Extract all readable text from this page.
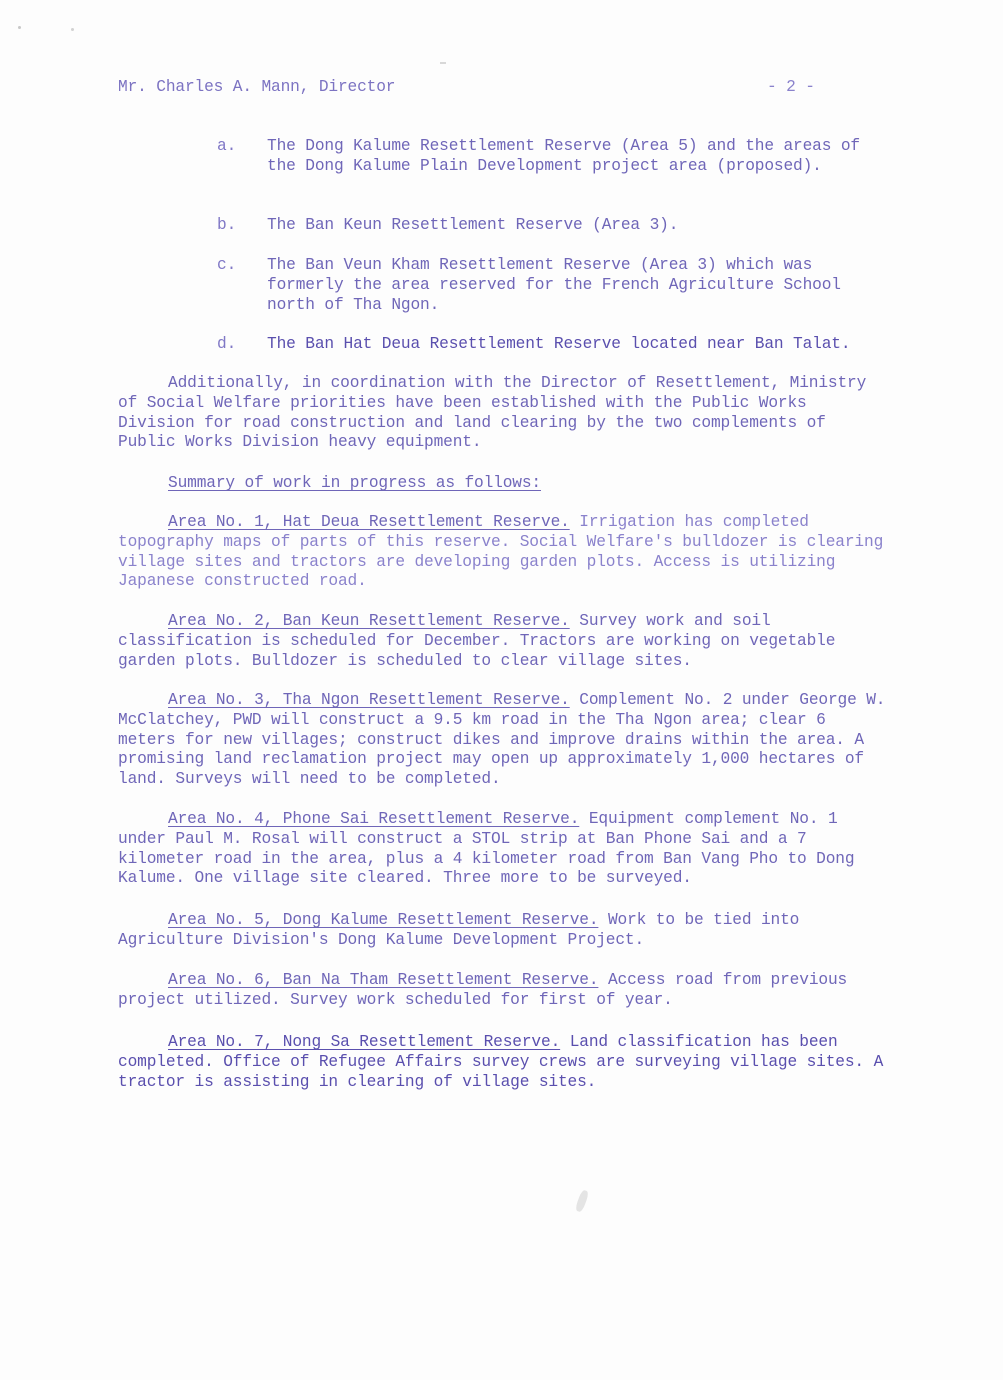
Mr. Charles A. Mann, Director	- 2 -
a.	The Dong Kalume Resettlement Reserve (Area 5) and the areas of the Dong Kalume Plain Development project area (proposed).
b.	The Ban Keun Resettlement Reserve (Area 3).
c.	The Ban Veun Kham Resettlement Reserve (Area 3) which was formerly the area reserved for the French Agriculture School north of Tha Ngon.
d.	The Ban Hat Deua Resettlement Reserve located near Ban Talat.
Additionally, in coordination with the Director of Resettlement, Ministry of Social Welfare priorities have been established with the Public Works Division for road construction and land clearing by the two complements of Public Works Division heavy equipment.
Summary of work in progress as follows:
Area No. 1, Hat Deua Resettlement Reserve. Irrigation has completed topography maps of parts of this reserve. Social Welfare's bulldozer is clearing village sites and tractors are developing garden plots. Access is utilizing Japanese constructed road.
Area No. 2, Ban Keun Resettlement Reserve. Survey work and soil classification is scheduled for December. Tractors are working on vegetable garden plots. Bulldozer is scheduled to clear village sites.
Area No. 3, Tha Ngon Resettlement Reserve. Complement No. 2 under George W. McClatchey, PWD will construct a 9.5 km road in the Tha Ngon area; clear 6 meters for new villages; construct dikes and improve drains within the area. A promising land reclamation project may open up approximately 1,000 hectares of land. Surveys will need to be completed.
Area No. 4, Phone Sai Resettlement Reserve. Equipment complement No. 1 under Paul M. Rosal will construct a STOL strip at Ban Phone Sai and a 7 kilometer road in the area, plus a 4 kilometer road from Ban Vang Pho to Dong Kalume. One village site cleared. Three more to be surveyed.
Area No. 5, Dong Kalume Resettlement Reserve. Work to be tied into Agriculture Division's Dong Kalume Development Project.
Area No. 6, Ban Na Tham Resettlement Reserve. Access road from previous project utilized. Survey work scheduled for first of year.
Area No. 7, Nong Sa Resettlement Reserve. Land classification has been completed. Office of Refugee Affairs survey crews are surveying village sites. A tractor is assisting in clearing of village sites.
